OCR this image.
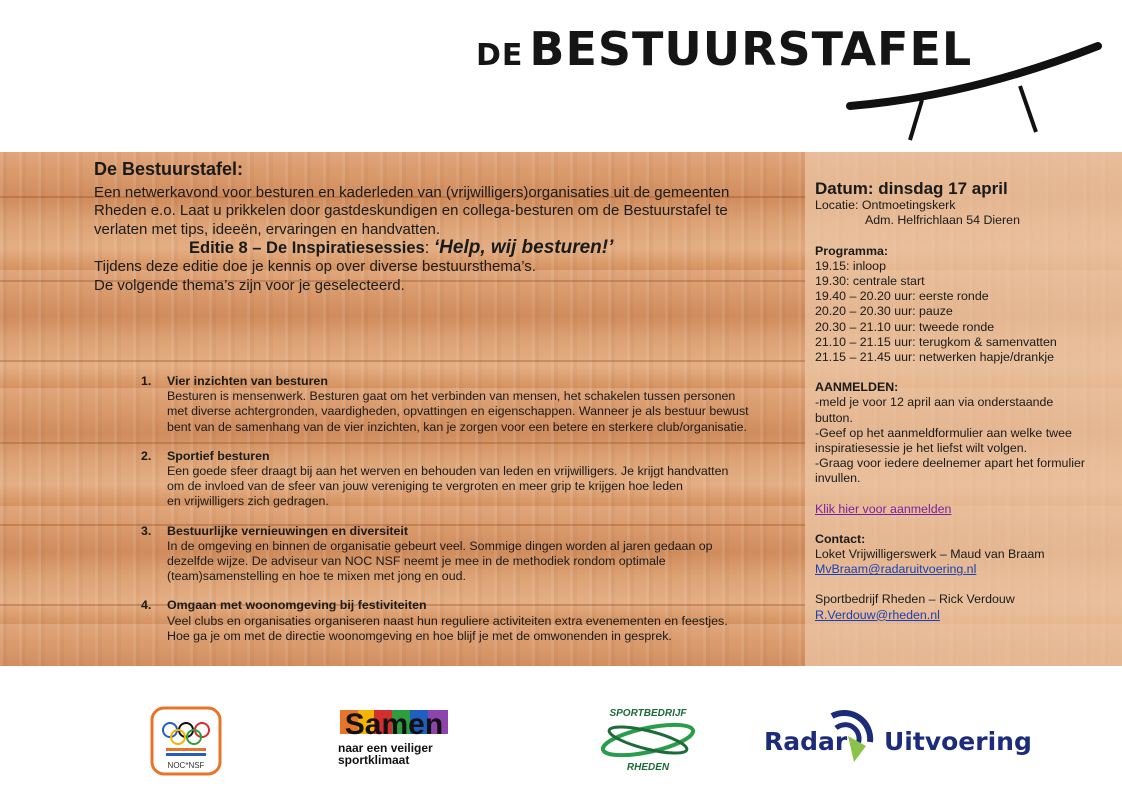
DE BESTUURSTAFEL
De Bestuurstafel:

Een netwerkavond voor besturen en kaderleden van (vrijwilligers)organisaties uit de gemeenten

Rheden e.o. Laat u prikkelen door gastdeskundigen en collega-besturen om de Bestuurstafel te

verlaten met tips, ideeën, ervaringen en handvatten.

Editie 8 – De Inspiratiesessies: ‘Help, wij besturen!’

Tijdens deze editie doe je kennis op over diverse bestuursthema’s.

De volgende thema’s zijn voor je geselecteerd.

1. Vier inzichten van besturen
Besturen is mensenwerk. Besturen gaat om het verbinden van mensen, het schakelen tussen personen
met diverse achtergronden, vaardigheden, opvattingen en eigenschappen. Wanneer je als bestuur bewust
bent van de samenhang van de vier inzichten, kan je zorgen voor een betere en sterkere club/organisatie.
2. Sportief besturen
Een goede sfeer draagt bij aan het werven en behouden van leden en vrijwilligers. Je krijgt handvatten
om de invloed van de sfeer van jouw vereniging te vergroten en meer grip te krijgen hoe leden
en vrijwilligers zich gedragen.
3. Bestuurlijke vernieuwingen en diversiteit
In de omgeving en binnen de organisatie gebeurt veel. Sommige dingen worden al jaren gedaan op
dezelfde wijze. De adviseur van NOC NSF neemt je mee in de methodiek rondom optimale
(team)samenstelling en hoe te mixen met jong en oud.
4. Omgaan met woonomgeving bij festiviteiten
Veel clubs en organisaties organiseren naast hun reguliere activiteiten extra evenementen en feestjes.
Hoe ga je om met de directie woonomgeving en hoe blijf je met de omwonenden in gesprek.
Datum: dinsdag 17 april
Locatie: Ontmoetingskerk
Adm. Helfrichlaan 54 Dieren
Programma:
19.15: inloop
19.30: centrale start
19.40 – 20.20 uur: eerste ronde
20.20 – 20.30 uur: pauze
20.30 – 21.10 uur: tweede ronde
21.10 – 21.15 uur: terugkom & samenvatten
21.15 – 21.45 uur: netwerken hapje/drankje
AANMELDEN:
-meld je voor 12 april aan via onderstaande
button.
-Geef op het aanmeldformulier aan welke twee
inspiratiesessie je het liefst wilt volgen.
-Graag voor iedere deelnemer apart het formulier
invullen.
Klik hier voor aanmelden
Contact:
Loket Vrijwilligerswerk – Maud van Braam
MvBraam@radaruitvoering.nl
Sportbedrijf Rheden – Rick Verdouw
R.Verdouw@rheden.nl
NOC*NSF
Samen
naar een veiliger
sportklimaat
SPORTBEDRIJF
RHEDEN
Radar Uitvoering
